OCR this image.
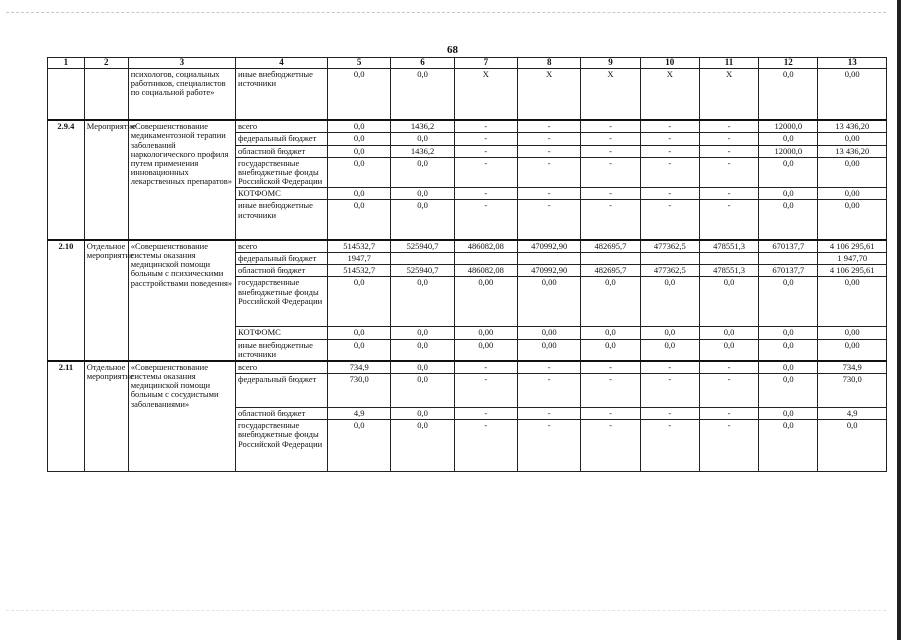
68
1	2	3	4	5	6	7	8	9	10	11	12	13
		психологов, социальных работников, специалистов по социальной работе»	иные внебюджетные источники	0,0	0,0	Х	Х	Х	Х	Х	0,0	0,00
2.9.4	Мероприятие	«Совершенствование медикаментозной терапии заболеваний наркологического профиля путем применения инновационных лекарственных препаратов»	всего	0,0	1436,2	-	-	-	-	-	12000,0	13 436,20
			федеральный бюджет	0,0	0,0	-	-	-	-	-	0,0	0,00
			областной бюджет	0,0	1436,2	-	-	-	-	-	12000,0	13 436,20
			государственные внебюджетные фонды Российской Федерации	0,0	0,0	-	-	-	-	-	0,0	0,00
			КОТФОМС	0,0	0,0	-	-	-	-	-	0,0	0,00
			иные внебюджетные источники	0,0	0,0	-	-	-	-	-	0,0	0,00
2.10	Отдельное мероприятие	«Совершенствование системы оказания медицинской помощи больным с психическими расстройствами поведения»	всего	514532,7	525940,7	486082,08	470992,90	482695,7	477362,5	478551,3	670137,7	4 106 295,61
			федеральный бюджет	1947,7								1 947,70
			областной бюджет	514532,7	525940,7	486082,08	470992,90	482695,7	477362,5	478551,3	670137,7	4 106 295,61
			государственные внебюджетные фонды Российской Федерации	0,0	0,0	0,00	0,00	0,0	0,0	0,0	0,0	0,00
			КОТФОМС	0,0	0,0	0,00	0,00	0,0	0,0	0,0	0,0	0,00
			иные внебюджетные источники	0,0	0,0	0,00	0,00	0,0	0,0	0,0	0,0	0,00
2.11	Отдельное мероприятие	«Совершенствование системы оказания медицинской помощи больным с сосудистыми заболеваниями»	всего	734,9	0,0	-	-	-	-	-	0,0	734,9
			федеральный бюджет	730,0	0,0	-	-	-	-	-	0,0	730,0
			областной бюджет	4,9	0,0	-	-	-	-	-	0,0	4,9
			государственные внебюджетные фонды Российской Федерации	0,0	0,0	-	-	-	-	-	0,0	0,0
